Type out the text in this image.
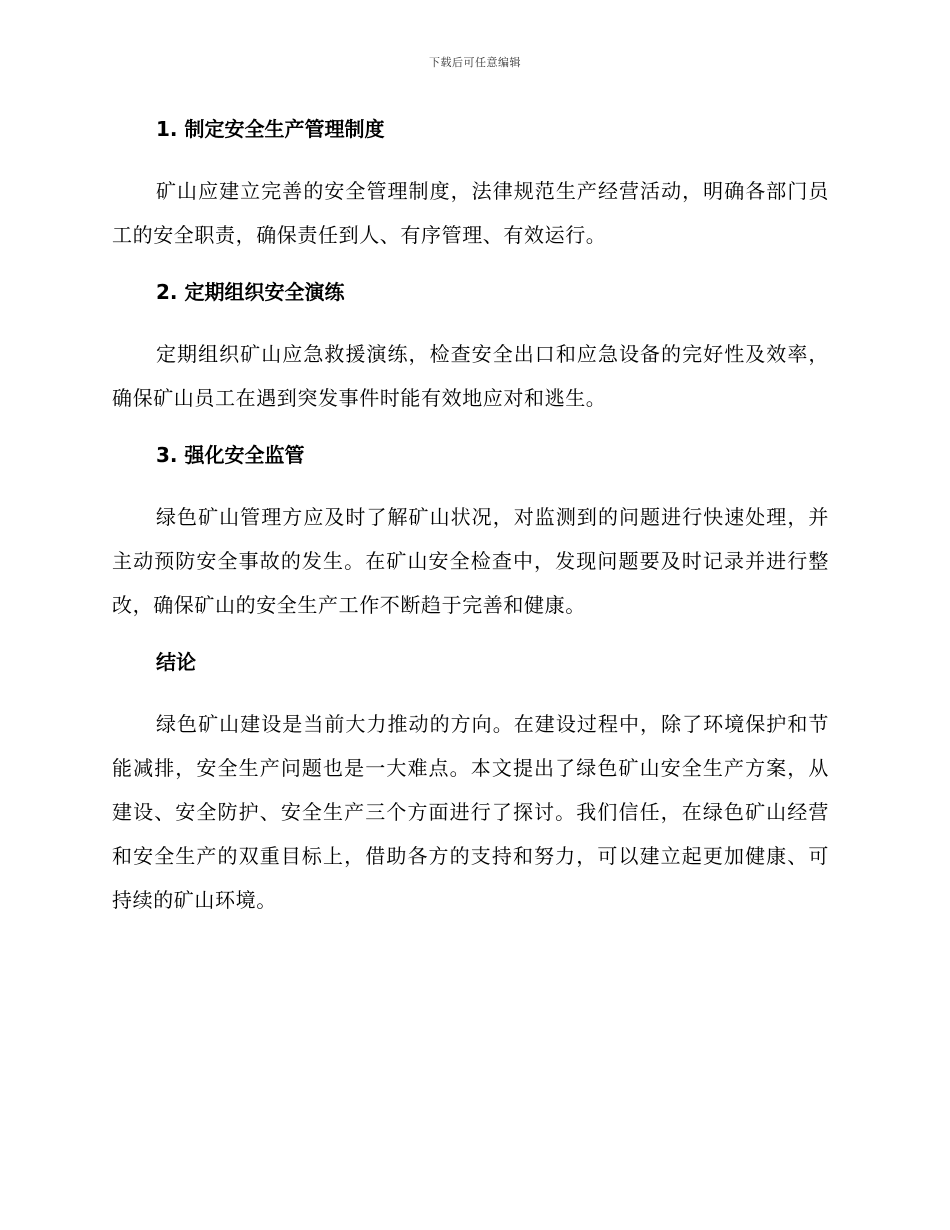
下载后可任意编辑
1. 制定安全生产管理制度

矿山应建立完善的安全管理制度，法律规范生产经营活动，明确各部门员工的安全职责，确保责任到人、有序管理、有效运行。

2. 定期组织安全演练

定期组织矿山应急救援演练，检查安全出口和应急设备的完好性及效率，确保矿山员工在遇到突发事件时能有效地应对和逃生。

3. 强化安全监管

绿色矿山管理方应及时了解矿山状况，对监测到的问题进行快速处理，并主动预防安全事故的发生。在矿山安全检查中，发现问题要及时记录并进行整改，确保矿山的安全生产工作不断趋于完善和健康。

结论

绿色矿山建设是当前大力推动的方向。在建设过程中，除了环境保护和节能减排，安全生产问题也是一大难点。本文提出了绿色矿山安全生产方案，从建设、安全防护、安全生产三个方面进行了探讨。我们信任，在绿色矿山经营和安全生产的双重目标上，借助各方的支持和努力，可以建立起更加健康、可持续的矿山环境。
